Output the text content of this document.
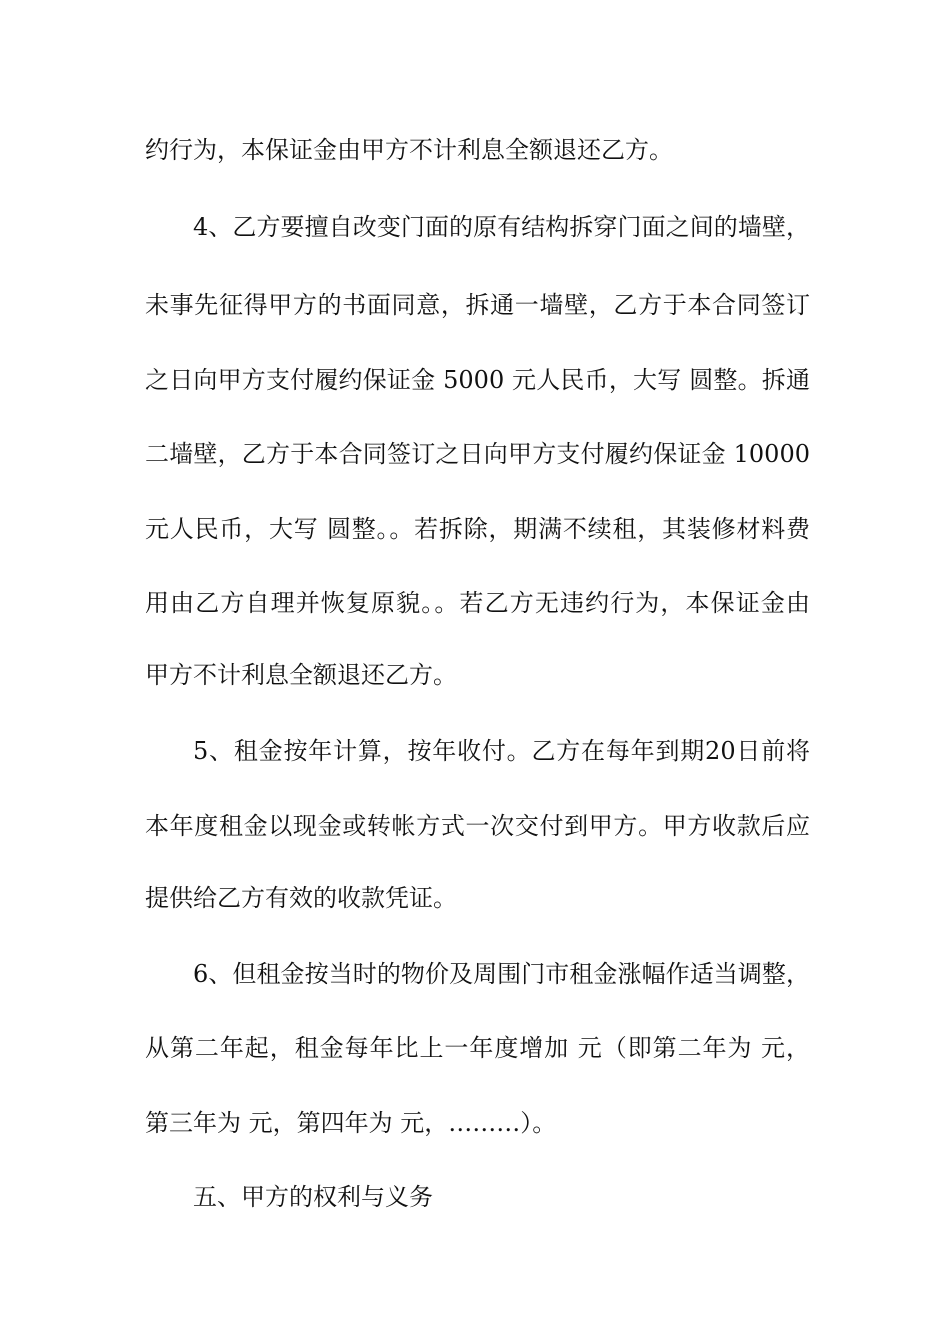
约行为，本保证金由甲方不计利息全额退还乙方。
4、乙方要擅自改变门面的原有结构拆穿门面之间的墙壁，
未事先征得甲方的书面同意，拆通一墙壁，乙方于本合同签订
之日向甲方支付履约保证金 5000 元人民币，大写 圆整。拆通
二墙壁，乙方于本合同签订之日向甲方支付履约保证金 10000
元人民币，大写 圆整。。若拆除，期满不续租，其装修材料费
用由乙方自理并恢复原貌。。若乙方无违约行为，本保证金由
甲方不计利息全额退还乙方。
5、租金按年计算，按年收付。乙方在每年到期20日前将
本年度租金以现金或转帐方式一次交付到甲方。甲方收款后应
提供给乙方有效的收款凭证。
6、但租金按当时的物价及周围门市租金涨幅作适当调整，
从第二年起，租金每年比上一年度增加 元（即第二年为 元，
第三年为 元，第四年为 元，………）。
五、甲方的权利与义务
